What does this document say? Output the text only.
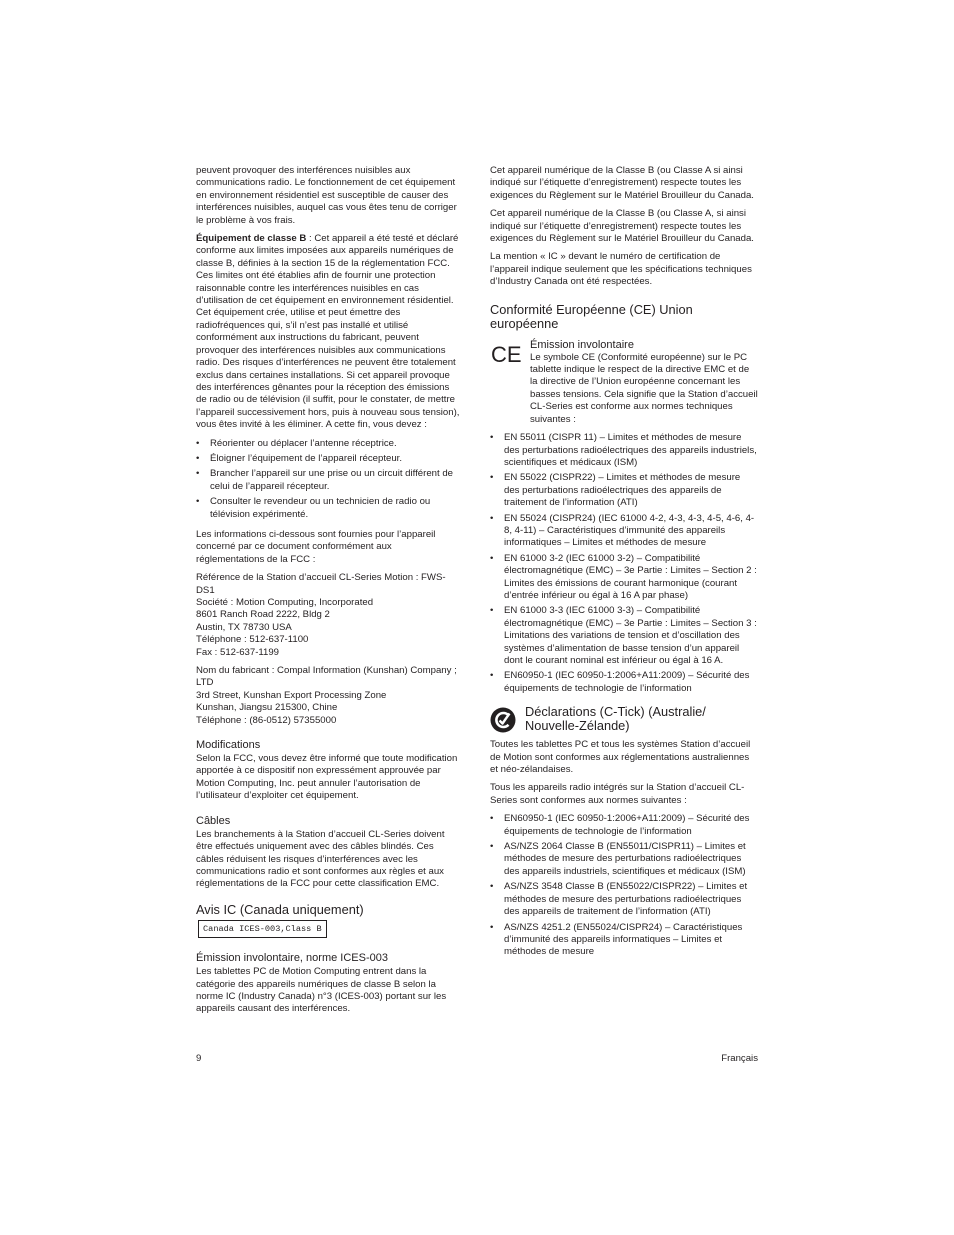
peuvent provoquer des interférences nuisibles aux communications radio. Le fonctionnement de cet équipement en environnement résidentiel est susceptible de causer des interférences nuisibles, auquel cas vous êtes tenu de corriger le problème à vos frais.

Équipement de classe B : Cet appareil a été testé et déclaré conforme aux limites imposées aux appareils numériques de classe B, définies à la section 15 de la réglementation FCC. Ces limites ont été établies afin de fournir une protection raisonnable contre les interférences nuisibles en cas d’utilisation de cet équipement en environnement résidentiel. Cet équipement crée, utilise et peut émettre des radiofréquences qui, s’il n’est pas installé et utilisé conformément aux instructions du fabricant, peuvent provoquer des interférences nuisibles aux communications radio. Des risques d’interférences ne peuvent être totalement exclus dans certaines installations. Si cet appareil provoque des interférences gênantes pour la réception des émissions de radio ou de télévision (il suffit, pour le constater, de mettre l’appareil successivement hors, puis à nouveau sous tension), vous êtes invité à les éliminer. A cette fin, vous devez :

• Réorienter ou déplacer l’antenne réceptrice.
• Éloigner l’équipement de l’appareil récepteur.
• Brancher l’appareil sur une prise ou un circuit différent de celui de l’appareil récepteur.
• Consulter le revendeur ou un technicien de radio ou télévision expérimenté.

Les informations ci-dessous sont fournies pour l’appareil concerné par ce document conformément aux réglementations de la FCC :

Référence de la Station d’accueil CL-Series Motion : FWS-DS1
Société : Motion Computing, Incorporated
8601 Ranch Road 2222, Bldg 2
Austin, TX 78730 USA
Téléphone : 512-637-1100
Fax : 512-637-1199

Nom du fabricant : Compal Information (Kunshan) Company ; LTD
3rd Street, Kunshan Export Processing Zone
Kunshan, Jiangsu 215300, Chine
Téléphone : (86-0512) 57355000

Modifications

Selon la FCC, vous devez être informé que toute modification apportée à ce dispositif non expressément approuvée par Motion Computing, Inc. peut annuler l’autorisation de l’utilisateur d’exploiter cet équipement.

Câbles

Les branchements à la Station d’accueil CL-Series doivent être effectués uniquement avec des câbles blindés. Ces câbles réduisent les risques d’interférences avec les communications radio et sont conformes aux règles et aux réglementations de la FCC pour cette classification EMC.

Avis IC (Canada uniquement)
Canada ICES-003,Class B
Émission involontaire, norme ICES-003

Les tablettes PC de Motion Computing entrent dans la catégorie des appareils numériques de classe B selon la norme IC (Industry Canada) n°3 (ICES-003) portant sur les appareils causant des interférences.

Cet appareil numérique de la Classe B (ou Classe A si ainsi indiqué sur l’étiquette d’enregistrement) respecte toutes les exigences du Règlement sur le Matériel Brouilleur du Canada.

Cet appareil numérique de la Classe B (ou Classe A, si ainsi indiqué sur l’étiquette d’enregistrement) respecte toutes les exigences du Règlement sur le Matériel Brouilleur du Canada.

La mention « IC » devant le numéro de certification de l’appareil indique seulement que les spécifications techniques d’Industry Canada ont été respectées.

Conformité Européenne (CE) Union européenne
CE Émission involontaire

Le symbole CE (Conformité européenne) sur le PC tablette indique le respect de la directive EMC et de la directive de l’Union européenne concernant les basses tensions. Cela signifie que la Station d’accueil CL-Series est conforme aux normes techniques suivantes :

• EN 55011 (CISPR 11) – Limites et méthodes de mesure des perturbations radioélectriques des appareils industriels, scientifiques et médicaux (ISM)
• EN 55022 (CISPR22) – Limites et méthodes de mesure des perturbations radioélectriques des appareils de traitement de l’information (ATI)
• EN 55024 (CISPR24) (IEC 61000 4-2, 4-3, 4-3, 4-5, 4-6, 4-8, 4-11) – Caractéristiques d’immunité des appareils informatiques – Limites et méthodes de mesure
• EN 61000 3-2 (IEC 61000 3-2) – Compatibilité électromagnétique (EMC) – 3e Partie : Limites – Section 2 : Limites des émissions de courant harmonique (courant d’entrée inférieur ou égal à 16 A par phase)
• EN 61000 3-3 (IEC 61000 3-3) – Compatibilité électromagnétique (EMC) – 3e Partie : Limites – Section 3 : Limitations des variations de tension et d’oscillation des systèmes d’alimentation de basse tension d’un appareil dont le courant nominal est inférieur ou égal à 16 A.
• EN60950-1 (IEC 60950-1:2006+A11:2009) – Sécurité des équipements de technologie de l’information
Déclarations (C-Tick) (Australie/ Nouvelle-Zélande)

Toutes les tablettes PC et tous les systèmes Station d’accueil de Motion sont conformes aux réglementations australiennes et néo-zélandaises.

Tous les appareils radio intégrés sur la Station d’accueil CL-Series sont conformes aux normes suivantes :

• EN60950-1 (IEC 60950-1:2006+A11:2009) – Sécurité des équipements de technologie de l’information
• AS/NZS 2064 Classe B (EN55011/CISPR11) – Limites et méthodes de mesure des perturbations radioélectriques des appareils industriels, scientifiques et médicaux (ISM)
• AS/NZS 3548 Classe B (EN55022/CISPR22) – Limites et méthodes de mesure des perturbations radioélectriques des appareils de traitement de l’information (ATI)
• AS/NZS 4251.2 (EN55024/CISPR24) – Caractéristiques d’immunité des appareils informatiques – Limites et méthodes de mesure
9	Français
